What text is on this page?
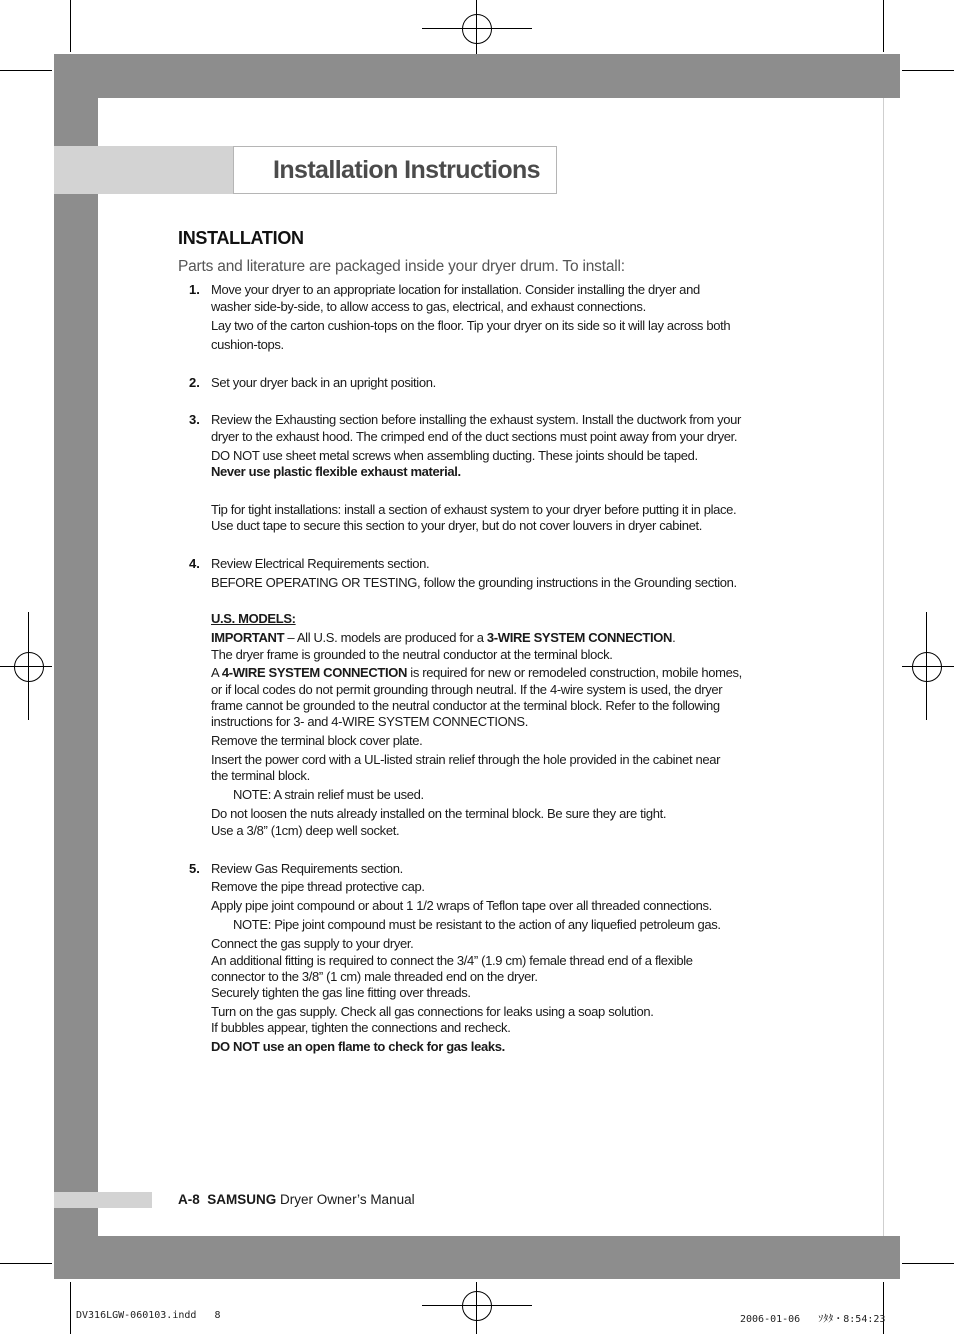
Installation Instructions
INSTALLATION
Parts and literature are packaged inside your dryer drum. To install:
1. Move your dryer to an appropriate location for installation. Consider installing the dryer and
washer side-by-side, to allow access to gas, electrical, and exhaust connections.
Lay two of the carton cushion-tops on the floor. Tip your dryer on its side so it will lay across both
cushion-tops.
2. Set your dryer back in an upright position.
3. Review the Exhausting section before installing the exhaust system. Install the ductwork from your
dryer to the exhaust hood. The crimped end of the duct sections must point away from your dryer.
DO NOT use sheet metal screws when assembling ducting. These joints should be taped.
Never use plastic flexible exhaust material.
Tip for tight installations: install a section of exhaust system to your dryer before putting it in place.
Use duct tape to secure this section to your dryer, but do not cover louvers in dryer cabinet.
4. Review Electrical Requirements section.
BEFORE OPERATING OR TESTING, follow the grounding instructions in the Grounding section.
U.S. MODELS:
IMPORTANT – All U.S. models are produced for a 3-WIRE SYSTEM CONNECTION.
The dryer frame is grounded to the neutral conductor at the terminal block.
A 4-WIRE SYSTEM CONNECTION is required for new or remodeled construction, mobile homes,
or if local codes do not permit grounding through neutral. If the 4-wire system is used, the dryer
frame cannot be grounded to the neutral conductor at the terminal block. Refer to the following
instructions for 3- and 4-WIRE SYSTEM CONNECTIONS.
Remove the terminal block cover plate.
Insert the power cord with a UL-listed strain relief through the hole provided in the cabinet near
the terminal block.
NOTE: A strain relief must be used.
Do not loosen the nuts already installed on the terminal block. Be sure they are tight.
Use a 3/8” (1cm) deep well socket.
5. Review Gas Requirements section.
Remove the pipe thread protective cap.
Apply pipe joint compound or about 1 1/2 wraps of Teflon tape over all threaded connections.
NOTE: Pipe joint compound must be resistant to the action of any liquefied petroleum gas.
Connect the gas supply to your dryer.
An additional fitting is required to connect the 3/4” (1.9 cm) female thread end of a flexible
connector to the 3/8” (1 cm) male threaded end on the dryer.
Securely tighten the gas line fitting over threads.
Turn on the gas supply. Check all gas connections for leaks using a soap solution.
If bubbles appear, tighten the connections and recheck.
DO NOT use an open flame to check for gas leaks.
A-8 SAMSUNG Dryer Owner’s Manual
DV316LGW-060103.indd   8	2006-01-06   ｿﾀﾀ・8:54:23
